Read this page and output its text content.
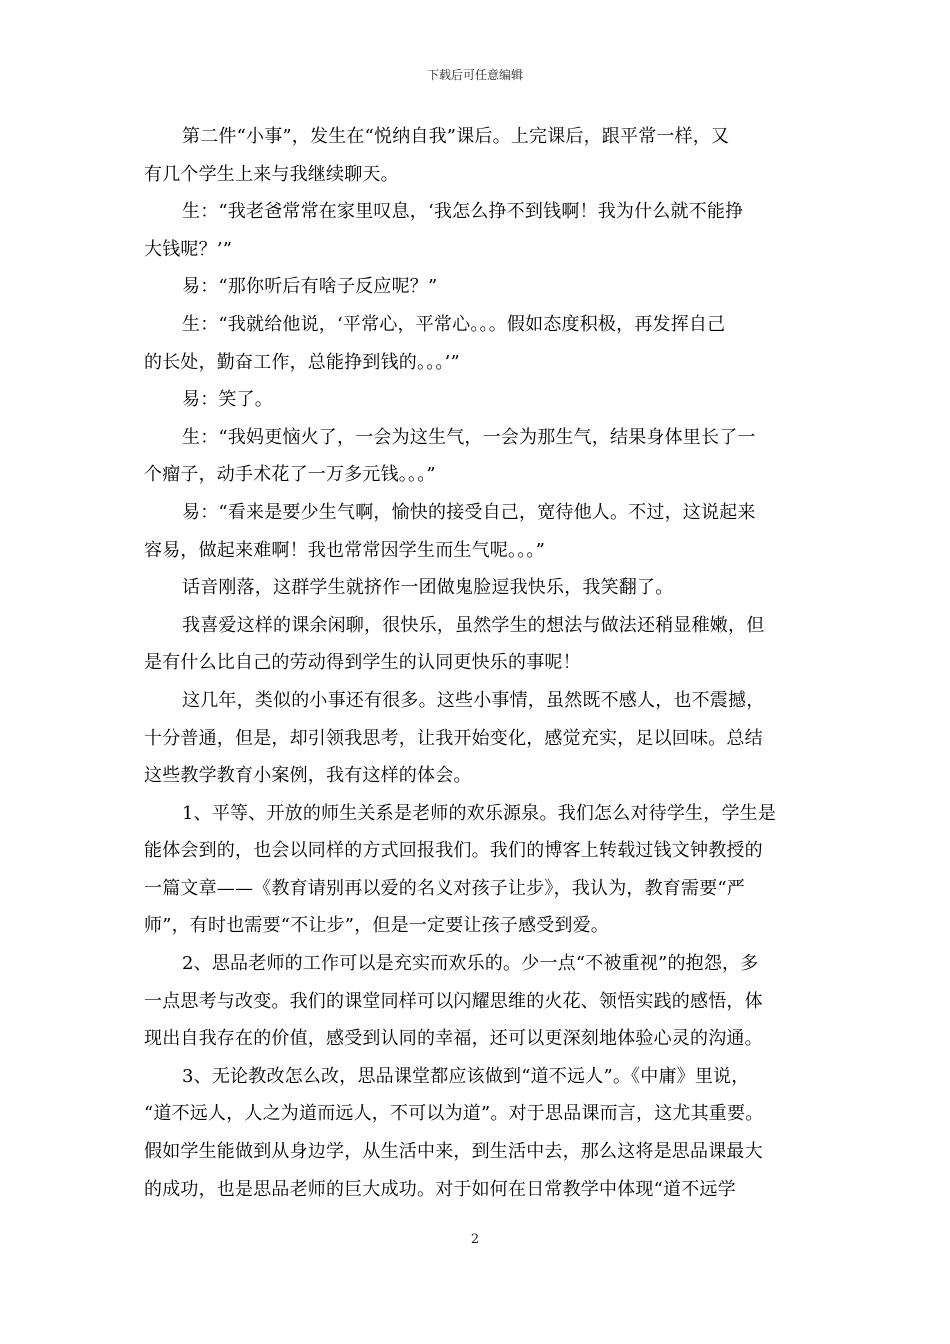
下载后可任意编辑

第二件“小事”，发生在“悦纳自我”课后。上完课后，跟平常一样，又
有几个学生上来与我继续聊天。

生：“我老爸常常在家里叹息，‘我怎么挣不到钱啊！我为什么就不能挣
大钱呢？’”

易：“那你听后有啥子反应呢？”

生：“我就给他说，‘平常心，平常心。。。假如态度积极，再发挥自己
的长处，勤奋工作，总能挣到钱的。。。’”

易：笑了。

生：“我妈更恼火了，一会为这生气，一会为那生气，结果身体里长了一
个瘤子，动手术花了一万多元钱。。。”

易：“看来是要少生气啊，愉快的接受自己，宽待他人。不过，这说起来
容易，做起来难啊！我也常常因学生而生气呢。。。”

话音刚落，这群学生就挤作一团做鬼脸逗我快乐，我笑翻了。

我喜爱这样的课余闲聊，很快乐，虽然学生的想法与做法还稍显稚嫩，但
是有什么比自己的劳动得到学生的认同更快乐的事呢！

这几年，类似的小事还有很多。这些小事情，虽然既不感人，也不震撼，
十分普通，但是，却引领我思考，让我开始变化，感觉充实，足以回味。总结
这些教学教育小案例，我有这样的体会。

1、平等、开放的师生关系是老师的欢乐源泉。我们怎么对待学生，学生是
能体会到的，也会以同样的方式回报我们。我们的博客上转载过钱文钟教授的
一篇文章——《教育请别再以爱的名义对孩子让步》，我认为，教育需要“严
师”，有时也需要“不让步”，但是一定要让孩子感受到爱。

2、思品老师的工作可以是充实而欢乐的。少一点“不被重视”的抱怨，多
一点思考与改变。我们的课堂同样可以闪耀思维的火花、领悟实践的感悟，体
现出自我存在的价值，感受到认同的幸福，还可以更深刻地体验心灵的沟通。

3、无论教改怎么改，思品课堂都应该做到“道不远人”。《中庸》里说，
“道不远人，人之为道而远人，不可以为道”。对于思品课而言，这尤其重要。
假如学生能做到从身边学，从生活中来，到生活中去，那么这将是思品课最大
的成功，也是思品老师的巨大成功。对于如何在日常教学中体现“道不远学

2
